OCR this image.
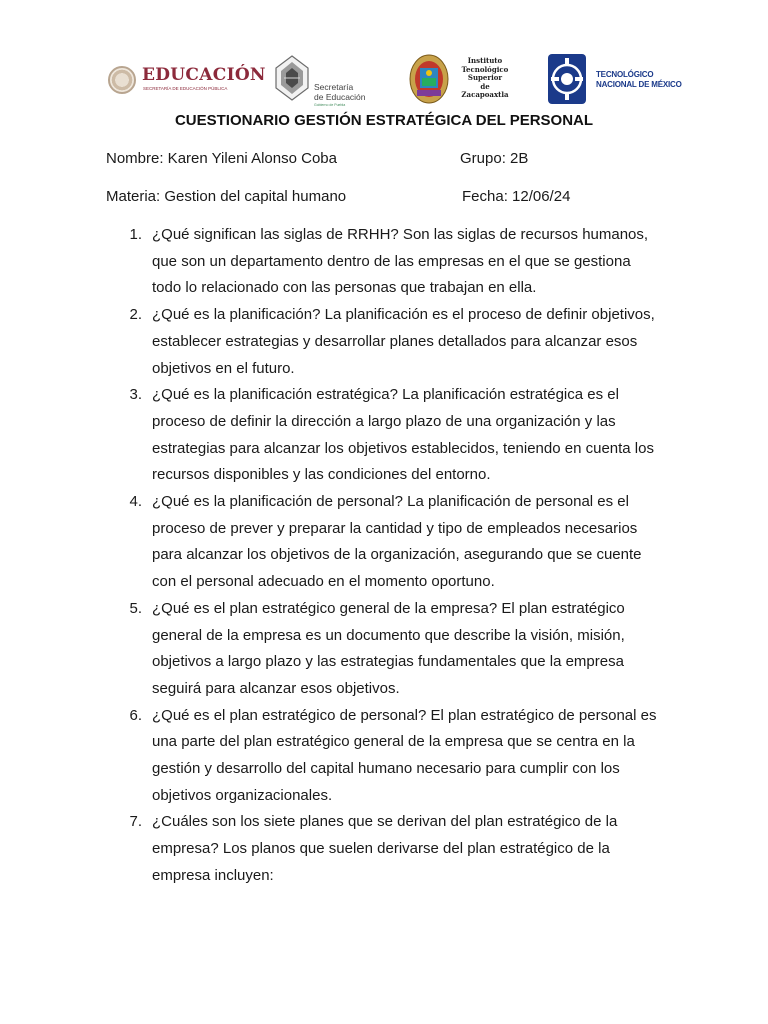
EDUCACIÓN
SECRETARÍA DE EDUCACIÓN PÚBLICA	Secretaría
de Educación
Gobierno de Puebla
Instituto
Tecnológico
Superior
de
Zacapoaxtla
TECNOLÓGICO
NACIONAL DE MÉXICO
CUESTIONARIO GESTIÓN ESTRATÉGICA DEL PERSONAL
Nombre: Karen Yileni Alonso Coba	Grupo: 2B
Materia: Gestion del capital humano	Fecha: 12/06/24
1. ¿Qué significan las siglas de RRHH? Son las siglas de recursos humanos,
que son un departamento dentro de las empresas en el que se gestiona
todo lo relacionado con las personas que trabajan en ella.
2. ¿Qué es la planificación? La planificación es el proceso de definir objetivos,
establecer estrategias y desarrollar planes detallados para alcanzar esos
objetivos en el futuro.
3. ¿Qué es la planificación estratégica? La planificación estratégica es el
proceso de definir la dirección a largo plazo de una organización y las
estrategias para alcanzar los objetivos establecidos, teniendo en cuenta los
recursos disponibles y las condiciones del entorno.
4. ¿Qué es la planificación de personal? La planificación de personal es el
proceso de prever y preparar la cantidad y tipo de empleados necesarios
para alcanzar los objetivos de la organización, asegurando que se cuente
con el personal adecuado en el momento oportuno.
5. ¿Qué es el plan estratégico general de la empresa? El plan estratégico
general de la empresa es un documento que describe la visión, misión,
objetivos a largo plazo y las estrategias fundamentales que la empresa
seguirá para alcanzar esos objetivos.
6. ¿Qué es el plan estratégico de personal? El plan estratégico de personal es
una parte del plan estratégico general de la empresa que se centra en la
gestión y desarrollo del capital humano necesario para cumplir con los
objetivos organizacionales.
7. ¿Cuáles son los siete planes que se derivan del plan estratégico de la
empresa? Los planos que suelen derivarse del plan estratégico de la
empresa incluyen:
